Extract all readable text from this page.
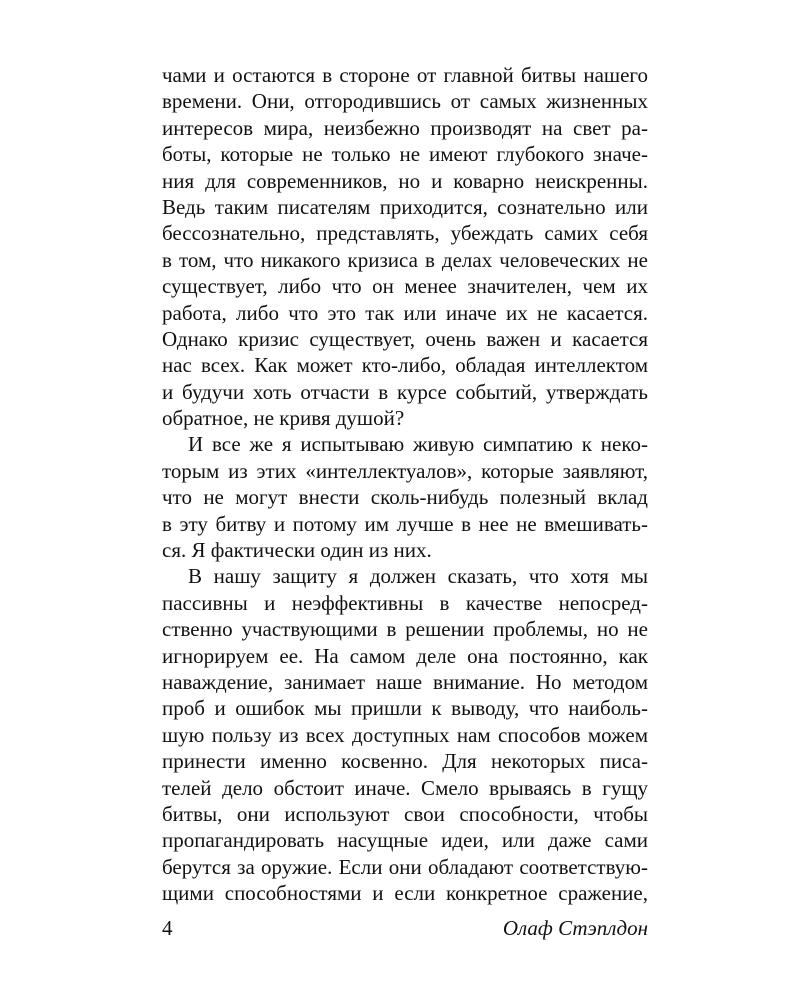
чами и остаются в стороне от главной битвы нашего
времени. Они, отгородившись от самых жизненных
интересов мира, неизбежно производят на свет ра-
боты, которые не только не имеют глубокого значе-
ния для современников, но и коварно неискренны.
Ведь таким писателям приходится, сознательно или
бессознательно, представлять, убеждать самих себя
в том, что никакого кризиса в делах человеческих не
существует, либо что он менее значителен, чем их
работа, либо что это так или иначе их не касается.
Однако кризис существует, очень важен и касается
нас всех. Как может кто-либо, обладая интеллектом
и будучи хоть отчасти в курсе событий, утверждать
обратное, не кривя душой?
И все же я испытываю живую симпатию к неко-
торым из этих «интеллектуалов», которые заявляют,
что не могут внести сколь-нибудь полезный вклад
в эту битву и потому им лучше в нее не вмешивать-
ся. Я фактически один из них.
В нашу защиту я должен сказать, что хотя мы
пассивны и неэффективны в качестве непосред-
ственно участвующими в решении проблемы, но не
игнорируем ее. На самом деле она постоянно, как
наваждение, занимает наше внимание. Но методом
проб и ошибок мы пришли к выводу, что наиболь-
шую пользу из всех доступных нам способов можем
принести именно косвенно. Для некоторых писа-
телей дело обстоит иначе. Смело врываясь в гущу
битвы, они используют свои способности, чтобы
пропагандировать насущные идеи, или даже сами
берутся за оружие. Если они обладают соответствую-
щими способностями и если конкретное сражение,
4	Олаф Стэплдон
